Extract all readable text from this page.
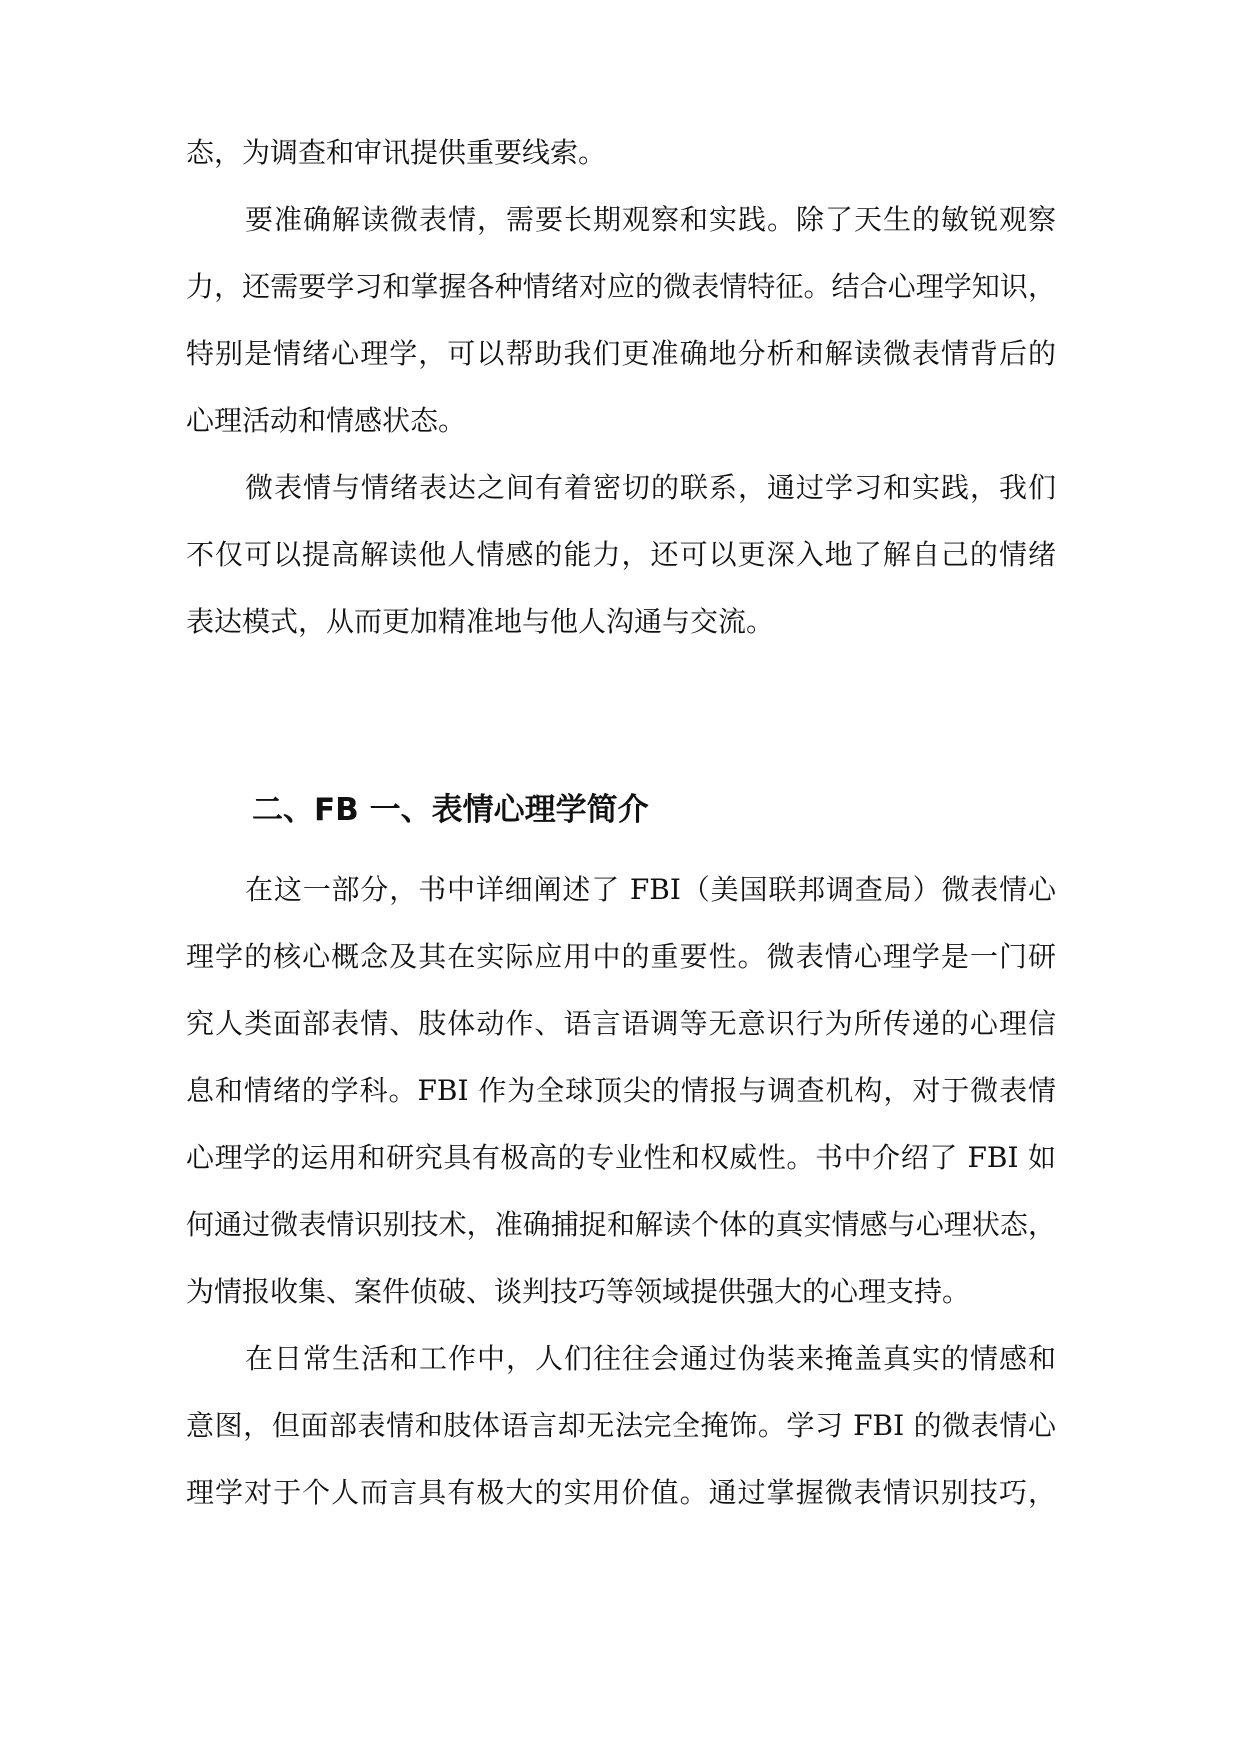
态，为调查和审讯提供重要线索。
要准确解读微表情，需要长期观察和实践。除了天生的敏锐观察
力，还需要学习和掌握各种情绪对应的微表情特征。结合心理学知识，
特别是情绪心理学，可以帮助我们更准确地分析和解读微表情背后的
心理活动和情感状态。
微表情与情绪表达之间有着密切的联系，通过学习和实践，我们
不仅可以提高解读他人情感的能力，还可以更深入地了解自己的情绪
表达模式，从而更加精准地与他人沟通与交流。
二、FB 一、表情心理学简介
在这一部分，书中详细阐述了 FBI（美国联邦调查局）微表情心
理学的核心概念及其在实际应用中的重要性。微表情心理学是一门研
究人类面部表情、肢体动作、语言语调等无意识行为所传递的心理信
息和情绪的学科。FBI 作为全球顶尖的情报与调查机构，对于微表情
心理学的运用和研究具有极高的专业性和权威性。书中介绍了 FBI 如
何通过微表情识别技术，准确捕捉和解读个体的真实情感与心理状态，
为情报收集、案件侦破、谈判技巧等领域提供强大的心理支持。
在日常生活和工作中，人们往往会通过伪装来掩盖真实的情感和
意图，但面部表情和肢体语言却无法完全掩饰。学习 FBI 的微表情心
理学对于个人而言具有极大的实用价值。通过掌握微表情识别技巧，
